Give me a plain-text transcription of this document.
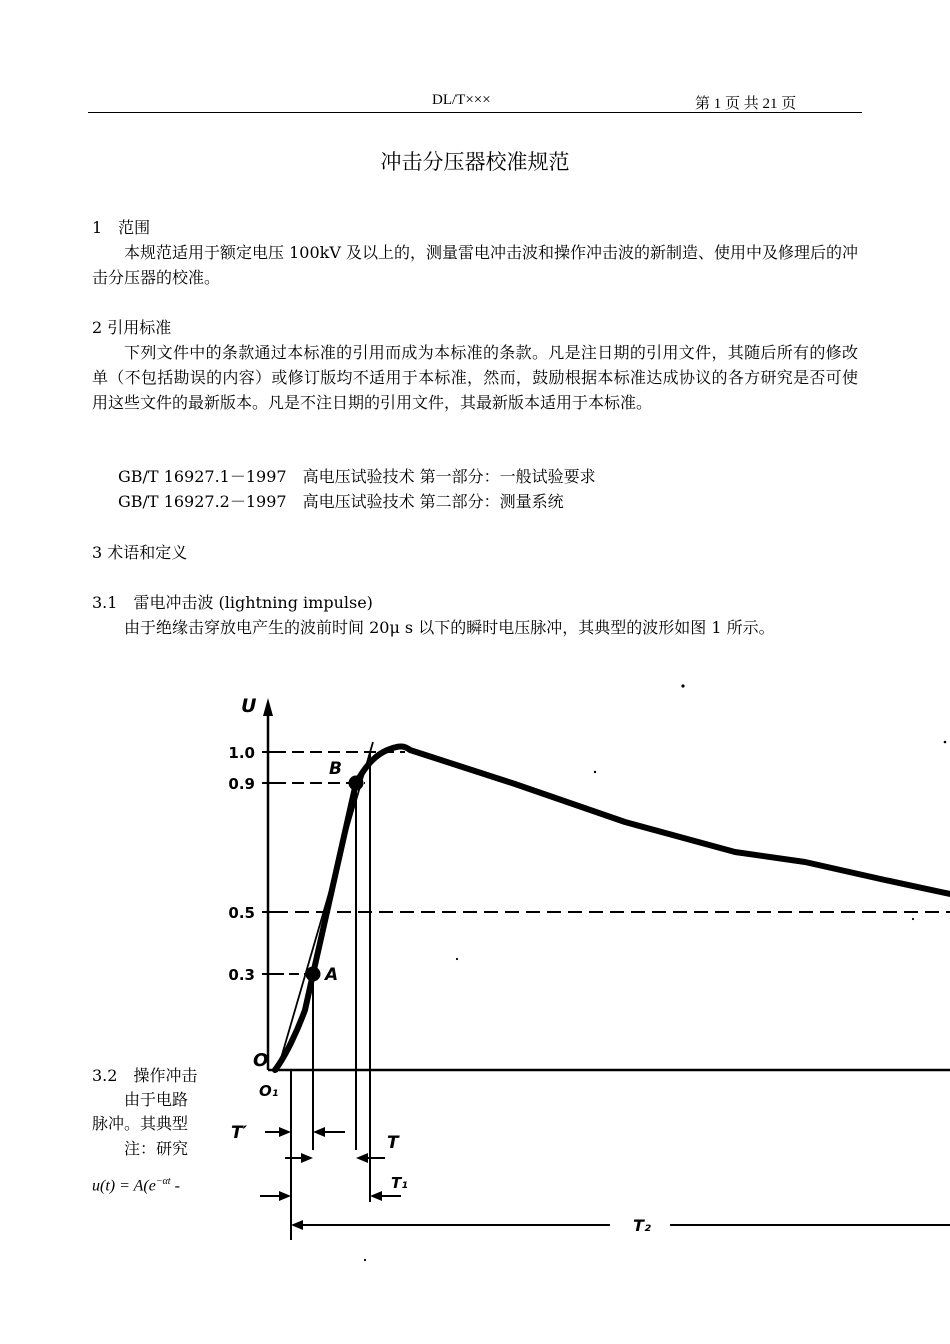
DL/T×××	第 1 页 共 21 页
冲击分压器校准规范
1　范围
本规范适用于额定电压 100kV 及以上的，测量雷电冲击波和操作冲击波的新制造、使用中及修理后的冲击分压器的校准。
2 引用标准
下列文件中的条款通过本标准的引用而成为本标准的条款。凡是注日期的引用文件，其随后所有的修改单（不包括勘误的内容）或修订版均不适用于本标准，然而，鼓励根据本标准达成协议的各方研究是否可使用这些文件的最新版本。凡是不注日期的引用文件，其最新版本适用于本标准。
GB/T 16927.1－1997　高电压试验技术 第一部分：一般试验要求
GB/T 16927.2－1997　高电压试验技术 第二部分：测量系统
3 术语和定义
3.1　雷电冲击波 (lightning impulse)
由于绝缘击穿放电产生的波前时间 20μ s 以下的瞬时电压脉冲，其典型的波形如图 1 所示。
3.2　操作冲击
由于电路
脉冲。其典型
注：研究
$u(t) = A(e^{-\alpha t}$ -
U
1.0
0.9
0.5
0.3	A
B
O
O₁
T′	T
T₁
T₂
